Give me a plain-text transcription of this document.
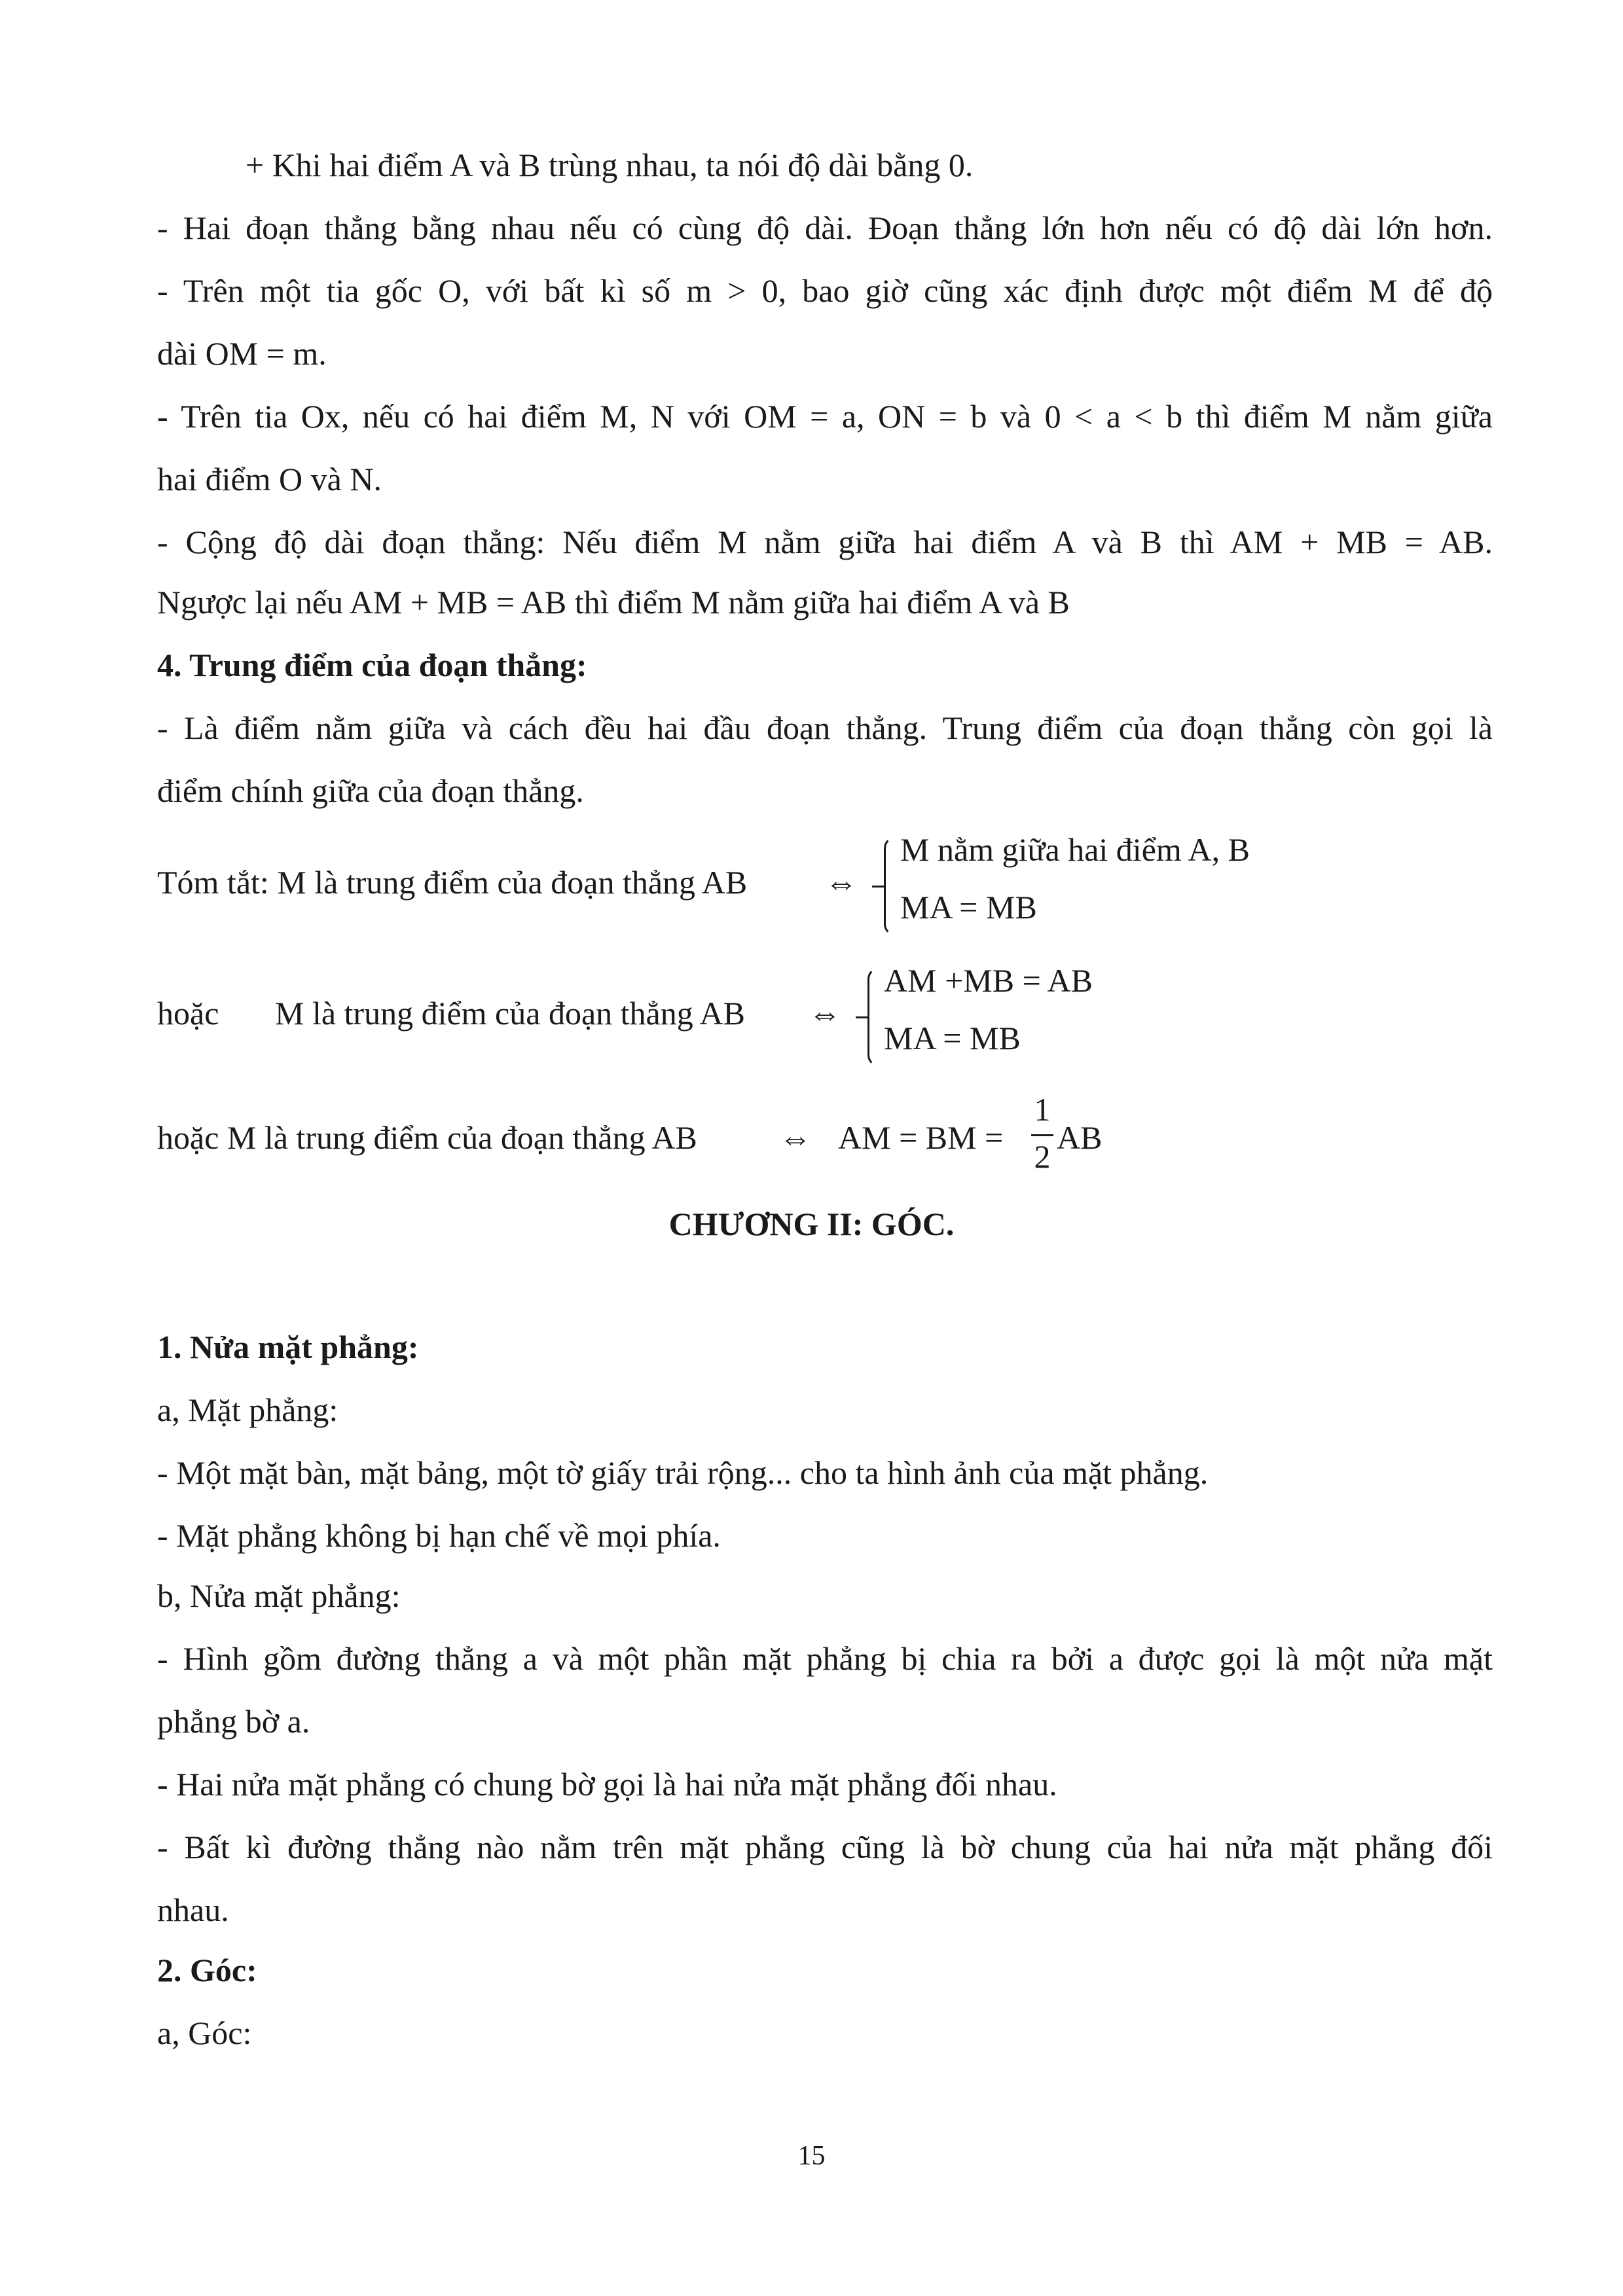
+ Khi hai điểm A và B trùng nhau, ta nói độ dài bằng 0.
- Hai đoạn thẳng bằng nhau nếu có cùng độ dài. Đoạn thẳng lớn hơn nếu có độ dài lớn hơn.
- Trên một tia gốc O, với bất kì số m > 0, bao giờ cũng xác định được một điểm M để độ
dài OM = m.
- Trên tia Ox, nếu có hai điểm M, N với OM = a, ON = b và 0 < a < b thì điểm M nằm giữa
hai điểm O và N.
- Cộng độ dài đoạn thẳng: Nếu điểm M nằm giữa hai điểm A và B thì AM + MB = AB.
Ngược lại nếu AM + MB = AB thì điểm M nằm giữa hai điểm A và B
4. Trung điểm của đoạn thẳng:
- Là điểm nằm giữa và cách đều hai đầu đoạn thẳng. Trung điểm của đoạn thẳng còn gọi là
điểm chính giữa của đoạn thẳng.
Tóm tắt: M là trung điểm của đoạn thẳng AB ⇔
M nằm giữa hai điểm A, B
MA = MB
hoặc M là trung điểm của đoạn thẳng AB ⇔
AM +MB = AB
MA = MB
hoặc M là trung điểm của đoạn thẳng AB	⇔ AM = BM =
1
2
AB
CHƯƠNG II: GÓC.
1. Nửa mặt phẳng:
a, Mặt phẳng:
- Một mặt bàn, mặt bảng, một tờ giấy trải rộng... cho ta hình ảnh của mặt phẳng.
- Mặt phẳng không bị hạn chế về mọi phía.
b, Nửa mặt phẳng:
- Hình gồm đường thẳng a và một phần mặt phẳng bị chia ra bởi a được gọi là một nửa mặt
phẳng bờ a.
- Hai nửa mặt phẳng có chung bờ gọi là hai nửa mặt phẳng đối nhau.
- Bất kì đường thẳng nào nằm trên mặt phẳng cũng là bờ chung của hai nửa mặt phẳng đối
nhau.
2. Góc:
a, Góc:
15
